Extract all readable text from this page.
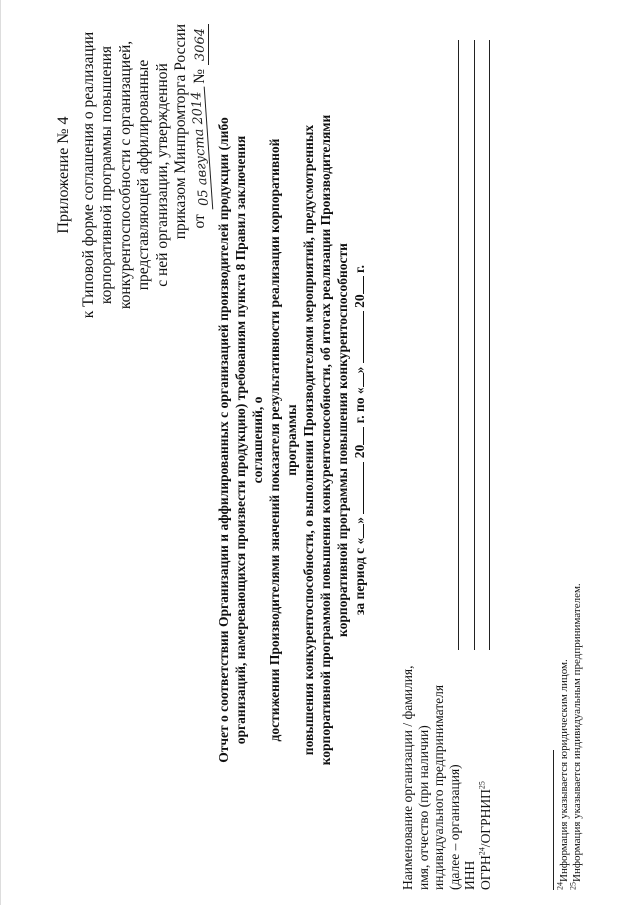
Приложение № 4 к Типовой форме соглашения о реализации корпоративной программы повышения конкурентоспособности с организацией, представляющей аффилированные с ней организации, утвержденной приказом Минпромторга России от 05 августа 2014 № 3064
Отчет о соответствии Организации и аффилированных с организацией производителей продукции (либо организаций, намеревающихся произвести продукцию) требованиям пункта 8 Правил заключения соглашений, о достижении Производителями значений показателя результативности реализации корпоративной программы повышения конкурентоспособности, о выполнении Производителями мероприятий, предусмотренных корпоративной программой повышения конкурентоспособности, об итогах реализации Производителями корпоративной программы повышения конкурентоспособности за период с «»  20 г. по «»  20 г.
Наименование организации / фамилия, имя, отчество (при наличии) индивидуального предпринимателя (далее – организация) ИНН ОГРН$^{24}$/ОГРНИП$^{25}$
$^{24}$Информация указывается юридическим лицом.
$^{25}$Информация указывается индивидуальным предпринимателем.
